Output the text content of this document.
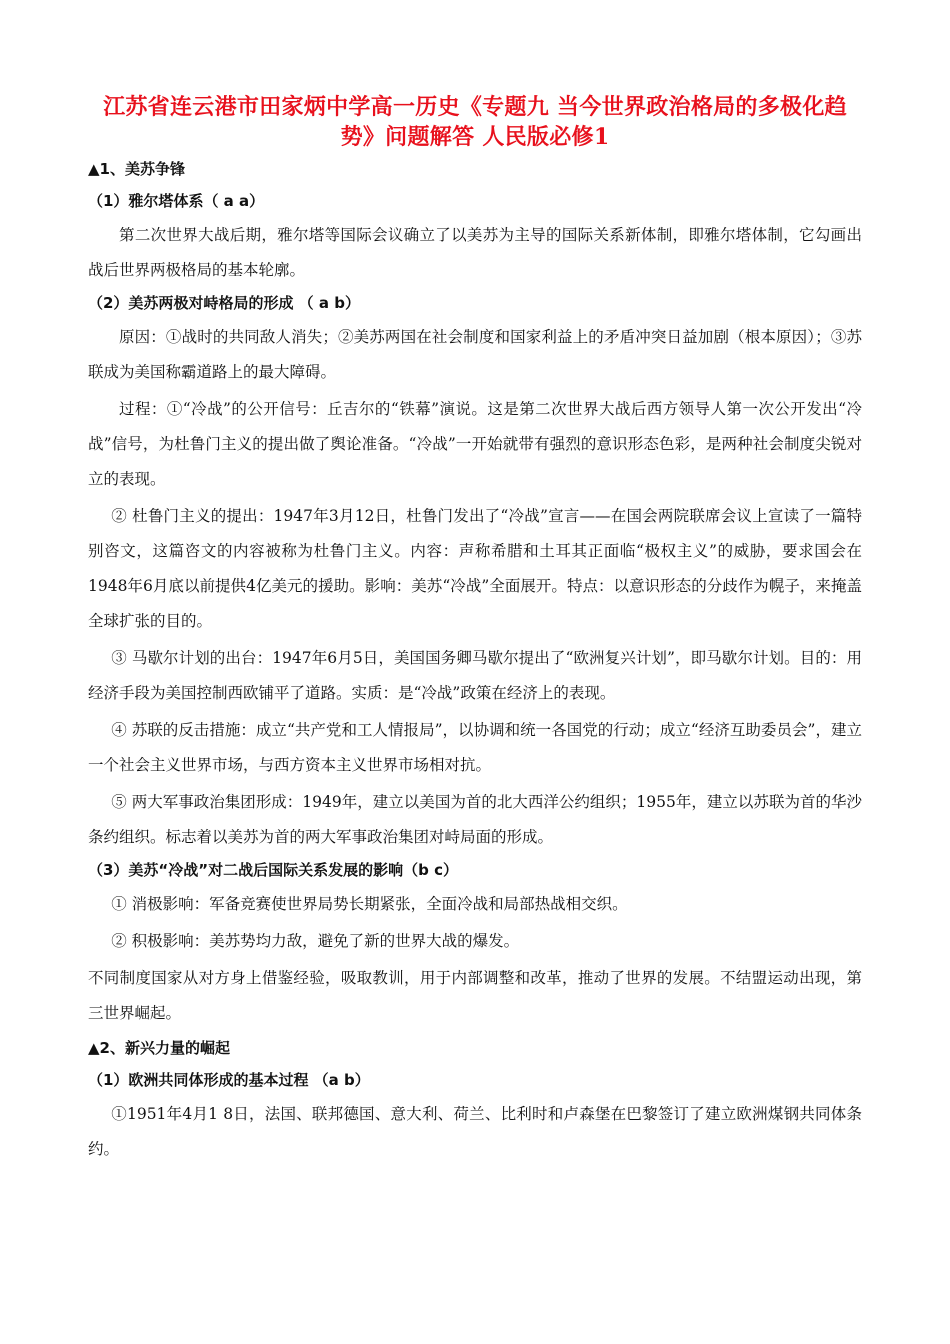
江苏省连云港市田家炳中学高一历史《专题九 当今世界政治格局的多极化趋
势》问题解答 人民版必修1
▲1、美苏争锋
（1）雅尔塔体系（ a a）

第二次世界大战后期，雅尔塔等国际会议确立了以美苏为主导的国际关系新体制，即雅尔塔体制，它勾画出战后世界两极格局的基本轮廓。

（2）美苏两极对峙格局的形成 （ a b）

原因：①战时的共同敌人消失；②美苏两国在社会制度和国家利益上的矛盾冲突日益加剧（根本原因）；③苏联成为美国称霸道路上的最大障碍。

过程：①“冷战”的公开信号：丘吉尔的“铁幕”演说。这是第二次世界大战后西方领导人第一次公开发出“冷战”信号，为杜鲁门主义的提出做了舆论准备。“冷战”一开始就带有强烈的意识形态色彩，是两种社会制度尖锐对立的表现。

② 杜鲁门主义的提出：1947年3月12日，杜鲁门发出了“冷战”宣言——在国会两院联席会议上宣读了一篇特别咨文，这篇咨文的内容被称为杜鲁门主义。内容：声称希腊和土耳其正面临“极权主义”的威胁，要求国会在1948年6月底以前提供4亿美元的援助。影响：美苏“冷战”全面展开。特点：以意识形态的分歧作为幌子，来掩盖全球扩张的目的。

③ 马歇尔计划的出台：1947年6月5日，美国国务卿马歇尔提出了“欧洲复兴计划”，即马歇尔计划。目的：用经济手段为美国控制西欧铺平了道路。实质：是“冷战”政策在经济上的表现。

④ 苏联的反击措施：成立“共产党和工人情报局”，以协调和统一各国党的行动；成立“经济互助委员会”，建立一个社会主义世界市场，与西方资本主义世界市场相对抗。

⑤ 两大军事政治集团形成：1949年，建立以美国为首的北大西洋公约组织；1955年，建立以苏联为首的华沙条约组织。标志着以美苏为首的两大军事政治集团对峙局面的形成。

（3）美苏“冷战”对二战后国际关系发展的影响（b c）

① 消极影响：军备竞赛使世界局势长期紧张，全面冷战和局部热战相交织。

② 积极影响：美苏势均力敌，避免了新的世界大战的爆发。

不同制度国家从对方身上借鉴经验，吸取教训，用于内部调整和改革，推动了世界的发展。不结盟运动出现，第三世界崛起。

▲2、新兴力量的崛起
（1）欧洲共同体形成的基本过程 （a b）

①1951年4月1 8日，法国、联邦德国、意大利、荷兰、比利时和卢森堡在巴黎签订了建立欧洲煤钢共同体条约。
